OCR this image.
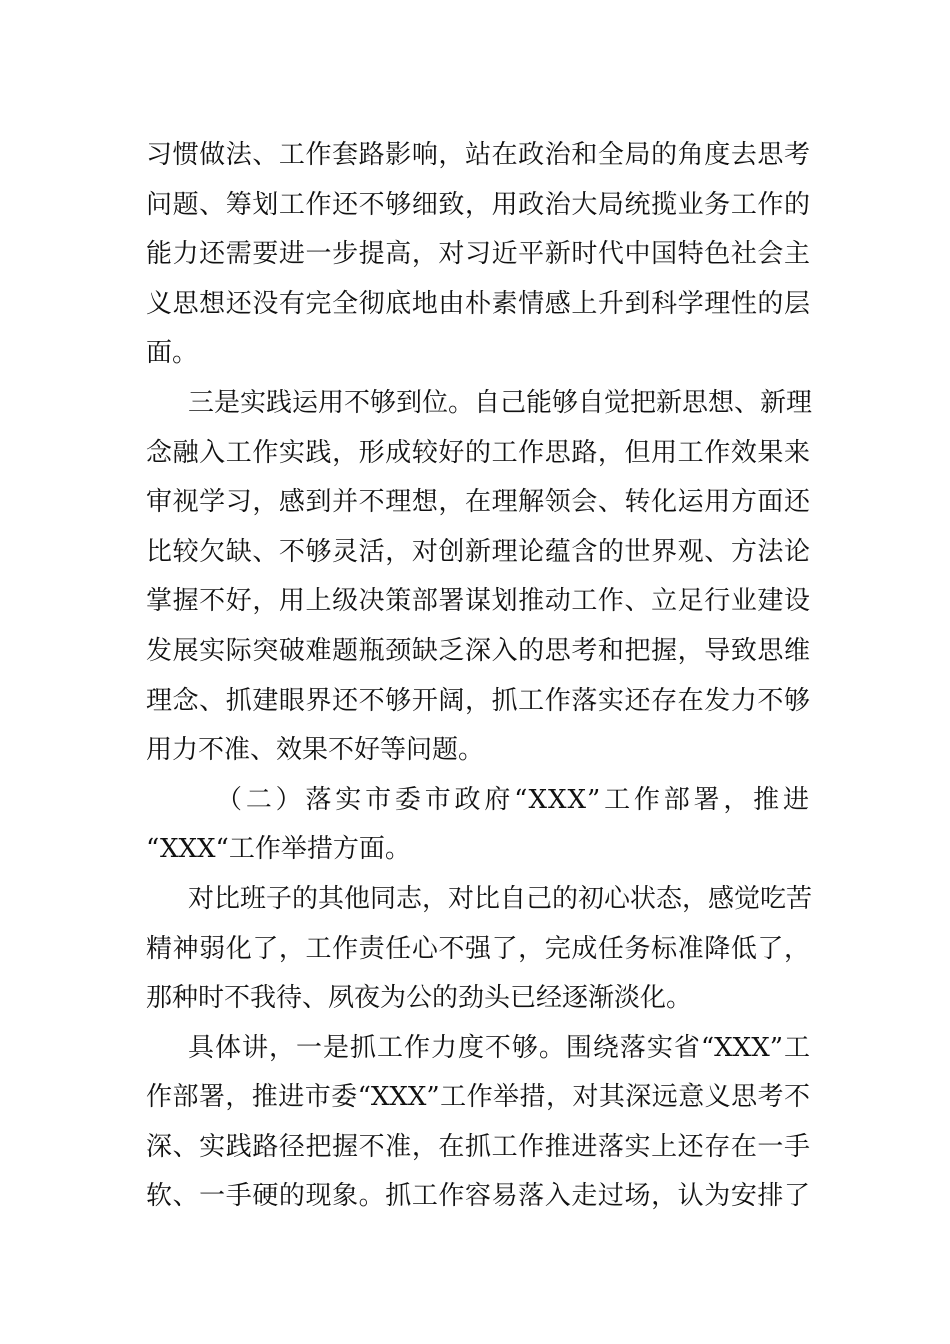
习惯做法、工作套路影响，站在政治和全局的角度去思考
问题、筹划工作还不够细致，用政治大局统揽业务工作的
能力还需要进一步提高，对习近平新时代中国特色社会主
义思想还没有完全彻底地由朴素情感上升到科学理性的层
面。
三是实践运用不够到位。自己能够自觉把新思想、新理
念融入工作实践，形成较好的工作思路，但用工作效果来
审视学习，感到并不理想，在理解领会、转化运用方面还
比较欠缺、不够灵活，对创新理论蕴含的世界观、方法论
掌握不好，用上级决策部署谋划推动工作、立足行业建设
发展实际突破难题瓶颈缺乏深入的思考和把握，导致思维
理念、抓建眼界还不够开阔，抓工作落实还存在发力不够
用力不准、效果不好等问题。
（二）落实市委市政府“XXX”工作部署，推进
“XXX“工作举措方面。
对比班子的其他同志，对比自己的初心状态，感觉吃苦
精神弱化了，工作责任心不强了，完成任务标准降低了，
那种时不我待、夙夜为公的劲头已经逐渐淡化。
具体讲，一是抓工作力度不够。围绕落实省“XXX”工
作部署，推进市委“XXX”工作举措，对其深远意义思考不
深、实践路径把握不准，在抓工作推进落实上还存在一手
软、一手硬的现象。抓工作容易落入走过场，认为安排了
